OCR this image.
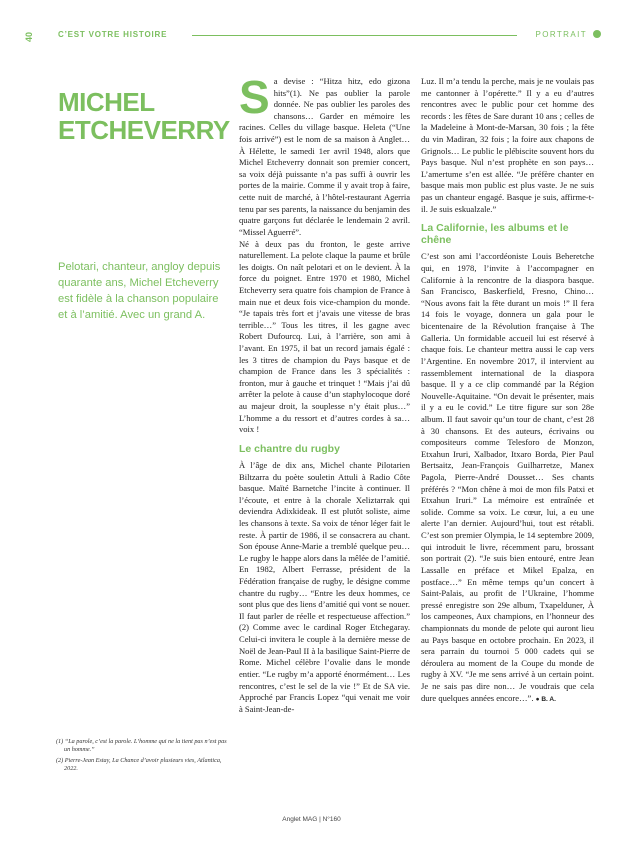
40	C’EST VOTRE HISTOIRE	PORTRAIT
MICHEL
ETCHEVERRY
Pelotari, chanteur, angloy depuis quarante ans, Michel Etcheverry est fidèle à la chanson populaire et à l’amitié. Avec un grand A.

(1) “La parole, c’est la parole. L’homme qui ne la tient pas n’est pas un homme.”

(2) Pierre-Jean Estay, La Chance d’avoir plusieurs vies, Atlantica, 2022.

S a devise : “Hitza hitz, edo gizona hits”(1). Ne pas oublier la parole donnée. Ne pas oublier les paroles des chansons… Garder en mémoire les racines. Celles du village basque. Heleta (“Une fois arrivé”) est le nom de sa maison à Anglet… À Hélette, le samedi 1er avril 1948, alors que Michel Etcheverry donnait son premier concert, sa voix déjà puissante n’a pas suffi à ouvrir les portes de la mairie. Comme il y avait trop à faire, cette nuit de marché, à l’hôtel-restaurant Agerria tenu par ses parents, la naissance du benjamin des quatre garçons fut déclarée le lendemain 2 avril. “Missel Aguerré”.

Né à deux pas du fronton, le geste arrive naturellement. La pelote claque la paume et brûle les doigts. On naît pelotari et on le devient. À la force du poignet. Entre 1970 et 1980, Michel Etcheverry sera quatre fois champion de France à main nue et deux fois vice-champion du monde. “Je tapais très fort et j’avais une vitesse de bras terrible…” Tous les titres, il les gagne avec Robert Dufourcq. Lui, à l’arrière, son ami à l’avant. En 1975, il bat un record jamais égalé : les 3 titres de champion du Pays basque et de champion de France dans les 3 spécialités : fronton, mur à gauche et trinquet ! “Mais j’ai dû arrêter la pelote à cause d’un staphylocoque doré au majeur droit, la souplesse n’y était plus…” L’homme a du ressort et d’autres cordes à sa… voix !

Le chantre du rugby

À l’âge de dix ans, Michel chante Pilotarien Biltzarra du poète souletin Attuli à Radio Côte basque. Maïté Barnetche l’incite à continuer. Il l’écoute, et entre à la chorale Xeliztarrak qui deviendra Adixkideak. Il est plutôt soliste, aime les chansons à texte. Sa voix de ténor léger fait le reste. À partir de 1986, il se consacrera au chant. Son épouse Anne-Marie a tremblé quelque peu… Le rugby le happe alors dans la mêlée de l’amitié. En 1982, Albert Ferrasse, président de la Fédération française de rugby, le désigne comme chantre du rugby… “Entre les deux hommes, ce sont plus que des liens d’amitié qui vont se nouer. Il faut parler de réelle et respectueuse affection.” (2) Comme avec le cardinal Roger Etchegaray. Celui-ci invitera le couple à la dernière messe de Noël de Jean-Paul II à la basilique Saint-Pierre de Rome. Michel célèbre l’ovalie dans le monde entier. “Le rugby m’a apporté énormément… Les rencontres, c’est le sel de la vie !” Et de SA vie. Approché par Francis Lopez “qui venait me voir à Saint-Jean-de-

Luz. Il m’a tendu la perche, mais je ne voulais pas me cantonner à l’opérette.” Il y a eu d’autres rencontres avec le public pour cet homme des records : les fêtes de Sare durant 10 ans ; celles de la Madeleine à Mont-de-Marsan, 30 fois ; la fête du vin Madiran, 32 fois ; la foire aux chapons de Grignols… Le public le plébiscite souvent hors du Pays basque. Nul n’est prophète en son pays… L’amertume s’en est allée. “Je préfère chanter en basque mais mon public est plus vaste. Je ne suis pas un chanteur engagé. Basque je suis, affirme-t-il. Je suis eskualzale.”

La Californie, les albums et le chêne

C’est son ami l’accordéoniste Louis Beheretche qui, en 1978, l’invite à l’accompagner en Californie à la rencontre de la diaspora basque. San Francisco, Baskerfield, Fresno, Chino… “Nous avons fait la fête durant un mois !” Il fera 14 fois le voyage, donnera un gala pour le bicentenaire de la Révolution française à The Galleria. Un formidable accueil lui est réservé à chaque fois. Le chanteur mettra aussi le cap vers l’Argentine. En novembre 2017, il intervient au rassemblement international de la diaspora basque. Il y a ce clip commandé par la Région Nouvelle-Aquitaine. “On devait le présenter, mais il y a eu le covid.” Le titre figure sur son 28e album. Il faut savoir qu’un tour de chant, c’est 28 à 30 chansons. Et des auteurs, écrivains ou compositeurs comme Telesforo de Monzon, Etxahun Iruri, Xalbador, Itxaro Borda, Pier Paul Bertsaitz, Jean-François Guilharretze, Manex Pagola, Pierre-André Dousset… Ses chants préférés ? “Mon chêne à moi de mon fils Patxi et Etxahun Iruri.” La mémoire est entraînée et solide. Comme sa voix. Le cœur, lui, a eu une alerte l’an dernier. Aujourd’hui, tout est rétabli. C’est son premier Olympia, le 14 septembre 2009, qui introduit le livre, récemment paru, brossant son portrait (2). “Je suis bien entouré, entre Jean Lassalle en préface et Mikel Epalza, en postface…” En même temps qu’un concert à Saint-Palais, au profit de l’Ukraine, l’homme pressé enregistre son 29e album, Txapelduner, À los campeones, Aux champions, en l’honneur des championnats du monde de pelote qui auront lieu au Pays basque en octobre prochain. En 2023, il sera parrain du tournoi 5 000 cadets qui se déroulera au moment de la Coupe du monde de rugby à XV. “Je me sens arrivé à un certain point. Je ne sais pas dire non… Je voudrais que cela dure quelques années encore…”. ● B. A.

Anglet MAG | N°160
